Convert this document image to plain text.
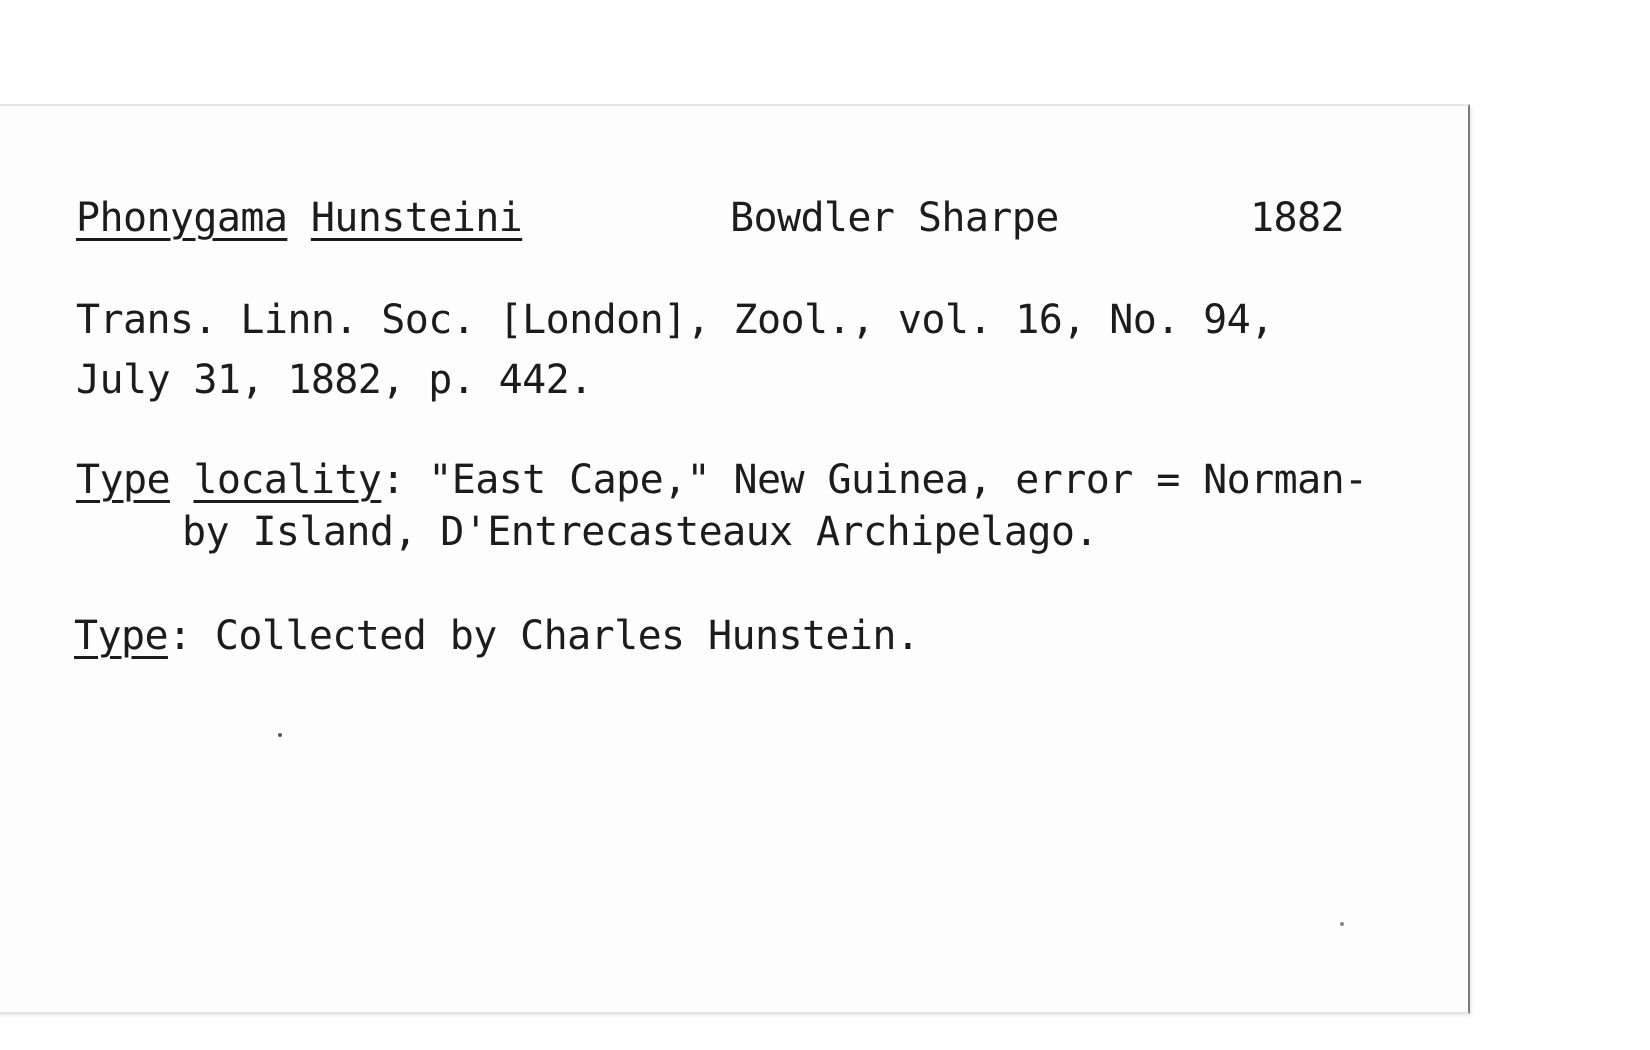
Phonygama Hunsteini	Bowdler Sharpe	1882
Trans. Linn. Soc. [London], Zool., vol. 16, No. 94,
July 31, 1882, p. 442.
Type locality: "East Cape," New Guinea, error = Norman-
by Island, D'Entrecasteaux Archipelago.
Type: Collected by Charles Hunstein.
